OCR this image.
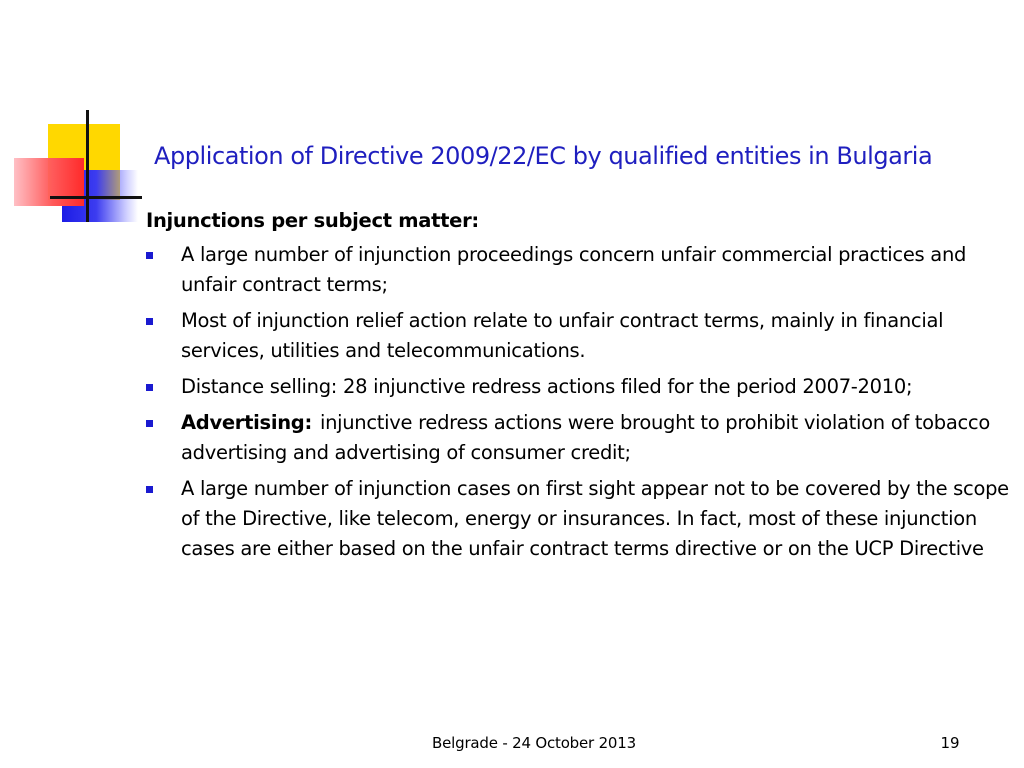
Application of Directive 2009/22/EC by qualified entities in Bulgaria
Injunctions per subject matter:
A large number of injunction proceedings concern unfair commercial practices and unfair contract terms;
Most of injunction relief action relate to unfair contract terms, mainly in financial services, utilities and telecommunications.
Distance selling: 28 injunctive redress actions filed for the period 2007-2010;
Advertising: injunctive redress actions were brought to prohibit violation of tobacco advertising and advertising of consumer credit;
A large number of injunction cases on first sight appear not to be covered by the scope of the Directive, like telecom, energy or insurances. In fact, most of these injunction cases are either based on the unfair contract terms directive or on the UCP Directive
Belgrade - 24 October 2013	19
